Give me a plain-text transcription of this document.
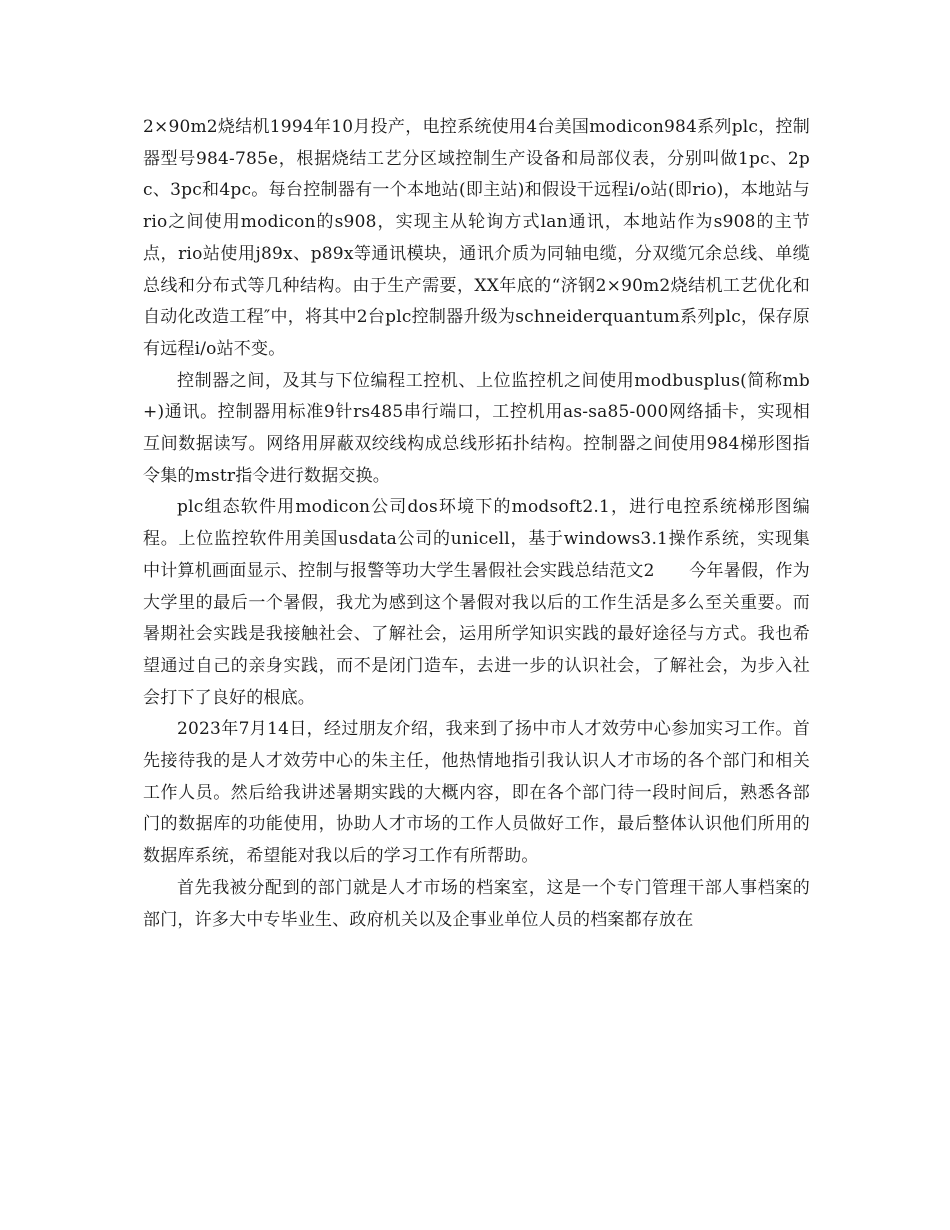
2×90m2烧结机1994年10月投产，电控系统使用4台美国modicon984系列plc，控制器型号984-785e，根据烧结工艺分区域控制生产设备和局部仪表，分别叫做1pc、2pc、3pc和4pc。每台控制器有一个本地站(即主站)和假设干远程i/o站(即rio)，本地站与rio之间使用modicon的s908，实现主从轮询方式lan通讯，本地站作为s908的主节点，rio站使用j89x、p89x等通讯模块，通讯介质为同轴电缆，分双缆冗余总线、单缆总线和分布式等几种结构。由于生产需要，XX年底的“济钢2×90m2烧结机工艺优化和自动化改造工程″中，将其中2台plc控制器升级为schneiderquantum系列plc，保存原有远程i/o站不变。

控制器之间，及其与下位编程工控机、上位监控机之间使用modbusplus(简称mb+)通讯。控制器用标准9针rs485串行端口，工控机用as-sa85-000网络插卡，实现相互间数据读写。网络用屏蔽双绞线构成总线形拓扑结构。控制器之间使用984梯形图指令集的mstr指令进行数据交换。

plc组态软件用modicon公司dos环境下的modsoft2.1，进行电控系统梯形图编程。上位监控软件用美国usdata公司的unicell，基于windows3.1操作系统，实现集中计算机画面显示、控制与报警等功大学生暑假社会实践总结范文2　　今年暑假，作为大学里的最后一个暑假，我尤为感到这个暑假对我以后的工作生活是多么至关重要。而暑期社会实践是我接触社会、了解社会，运用所学知识实践的最好途径与方式。我也希望通过自己的亲身实践，而不是闭门造车，去进一步的认识社会，了解社会，为步入社会打下了良好的根底。

2023年7月14日，经过朋友介绍，我来到了扬中市人才效劳中心参加实习工作。首先接待我的是人才效劳中心的朱主任，他热情地指引我认识人才市场的各个部门和相关工作人员。然后给我讲述暑期实践的大概内容，即在各个部门待一段时间后，熟悉各部门的数据库的功能使用，协助人才市场的工作人员做好工作，最后整体认识他们所用的数据库系统，希望能对我以后的学习工作有所帮助。

首先我被分配到的部门就是人才市场的档案室，这是一个专门管理干部人事档案的部门，许多大中专毕业生、政府机关以及企事业单位人员的档案都存放在
